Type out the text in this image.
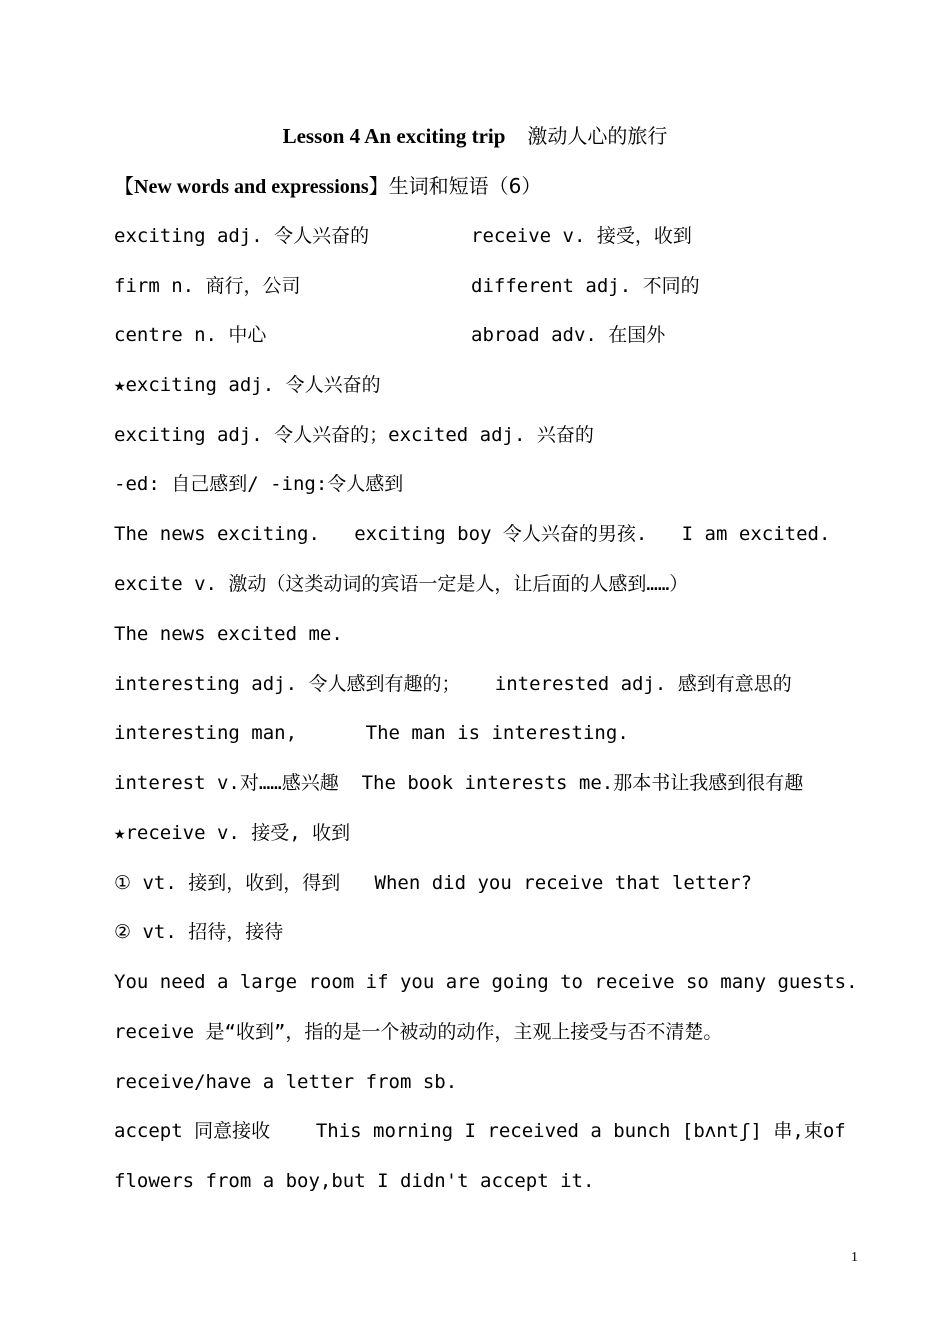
Lesson 4 An exciting trip 激动人心的旅行
【New words and expressions】生词和短语（6）
exciting adj. 令人兴奋的	receive v. 接受，收到
firm n. 商行，公司	different adj. 不同的
centre n. 中心	abroad adv. 在国外
★exciting adj. 令人兴奋的
exciting adj. 令人兴奋的；excited adj. 兴奋的
-ed: 自己感到/ -ing:令人感到
The news exciting.   exciting boy 令人兴奋的男孩.   I am excited.
excite v. 激动（这类动词的宾语一定是人，让后面的人感到……）
The news excited me.
interesting adj. 令人感到有趣的；   interested adj. 感到有意思的
interesting man,      The man is interesting.
interest v.对……感兴趣  The book interests me.那本书让我感到很有趣
★receive v. 接受, 收到
① vt. 接到，收到，得到   When did you receive that letter?
② vt. 招待，接待
You need a large room if you are going to receive so many guests.
receive 是“收到”，指的是一个被动的动作，主观上接受与否不清楚。
receive/have a letter from sb.
accept 同意接收    This morning I received a bunch [bʌntʃ] 串,束of
flowers from a boy,but I didn't accept it.
1
